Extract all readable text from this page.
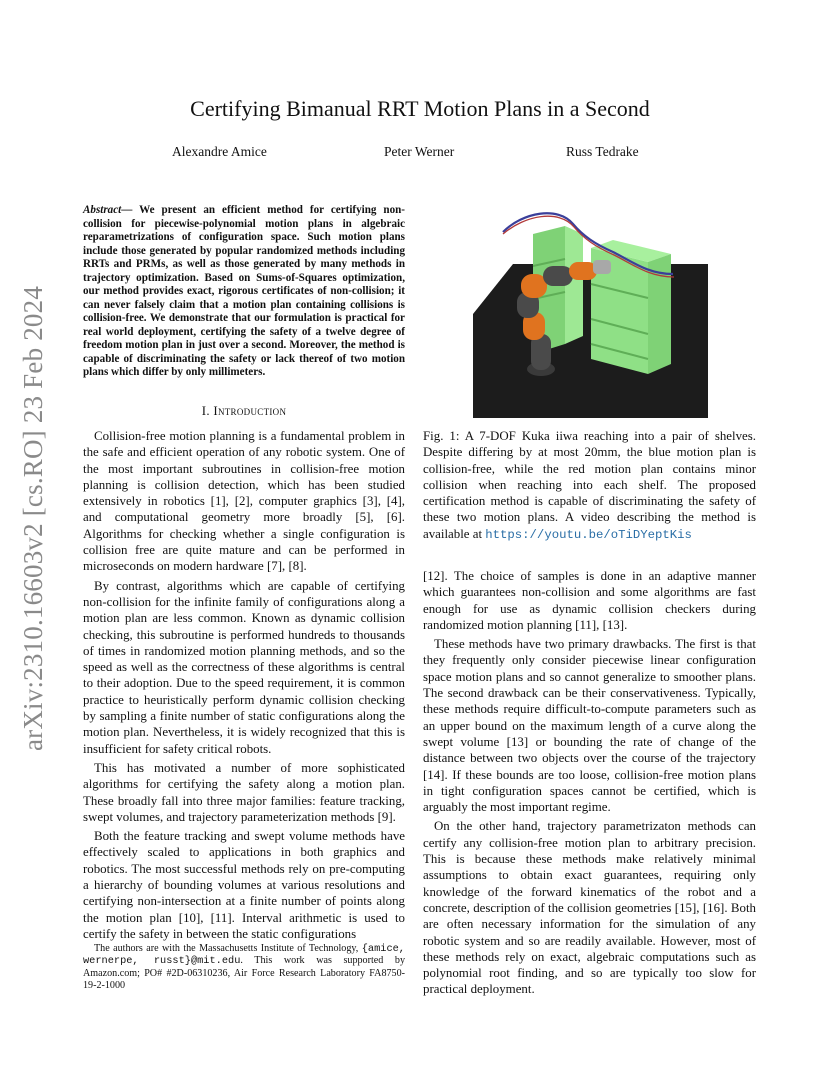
arXiv:2310.16603v2 [cs.RO] 23 Feb 2024
Certifying Bimanual RRT Motion Plans in a Second
Alexandre Amice	Peter Werner	Russ Tedrake

Abstract— We present an efficient method for certifying non-collision for piecewise-polynomial motion plans in algebraic reparametrizations of configuration space. Such motion plans include those generated by popular randomized methods including RRTs and PRMs, as well as those generated by many methods in trajectory optimization. Based on Sums-of-Squares optimization, our method provides exact, rigorous certificates of non-collision; it can never falsely claim that a motion plan containing collisions is collision-free. We demonstrate that our formulation is practical for real world deployment, certifying the safety of a twelve degree of freedom motion plan in just over a second. Moreover, the method is capable of discriminating the safety or lack thereof of two motion plans which differ by only millimeters.

I. Introduction

Collision-free motion planning is a fundamental problem in the safe and efficient operation of any robotic system. One of the most important subroutines in collision-free motion planning is collision detection, which has been studied extensively in robotics [1], [2], computer graphics [3], [4], and computational geometry more broadly [5], [6]. Algorithms for checking whether a single configuration is collision free are quite mature and can be performed in microseconds on modern hardware [7], [8].

By contrast, algorithms which are capable of certifying non-collision for the infinite family of configurations along a motion plan are less common. Known as dynamic collision checking, this subroutine is performed hundreds to thousands of times in randomized motion planning methods, and so the speed as well as the correctness of these algorithms is central to their adoption. Due to the speed requirement, it is common practice to heuristically perform dynamic collision checking by sampling a finite number of static configurations along the motion plan. Nevertheless, it is widely recognized that this is insufficient for safety critical robots.

This has motivated a number of more sophisticated algorithms for certifying the safety along a motion plan. These broadly fall into three major families: feature tracking, swept volumes, and trajectory parameterization methods [9].

Both the feature tracking and swept volume methods have effectively scaled to applications in both graphics and robotics. The most successful methods rely on pre-computing a hierarchy of bounding volumes at various resolutions and certifying non-intersection at a finite number of points along the motion plan [10], [11]. Interval arithmetic is used to certify the safety in between the static configurations

The authors are with the Massachusetts Institute of Technology, {amice, wernerpe, russt}@mit.edu. This work was supported by Amazon.com; PO# #2D-06310236, Air Force Research Laboratory FA8750-19-2-1000

Fig. 1: A 7-DOF Kuka iiwa reaching into a pair of shelves. Despite differing by at most 20mm, the blue motion plan is collision-free, while the red motion plan contains minor collision when reaching into each shelf. The proposed certification method is capable of discriminating the safety of these two motion plans. A video describing the method is available at https://youtu.be/oTiDYeptKis

[12]. The choice of samples is done in an adaptive manner which guarantees non-collision and some algorithms are fast enough for use as dynamic collision checkers during randomized motion planning [11], [13].

These methods have two primary drawbacks. The first is that they frequently only consider piecewise linear configuration space motion plans and so cannot generalize to smoother plans. The second drawback can be their conservativeness. Typically, these methods require difficult-to-compute parameters such as an upper bound on the maximum length of a curve along the swept volume [13] or bounding the rate of change of the distance between two objects over the course of the trajectory [14]. If these bounds are too loose, collision-free motion plans in tight configuration spaces cannot be certified, which is arguably the most important regime.

On the other hand, trajectory parametrizaton methods can certify any collision-free motion plan to arbitrary precision. This is because these methods make relatively minimal assumptions to obtain exact guarantees, requiring only knowledge of the forward kinematics of the robot and a concrete, description of the collision geometries [15], [16]. Both are often necessary information for the simulation of any robotic system and so are readily available. However, most of these methods rely on exact, algebraic computations such as polynomial root finding, and so are typically too slow for practical deployment.
